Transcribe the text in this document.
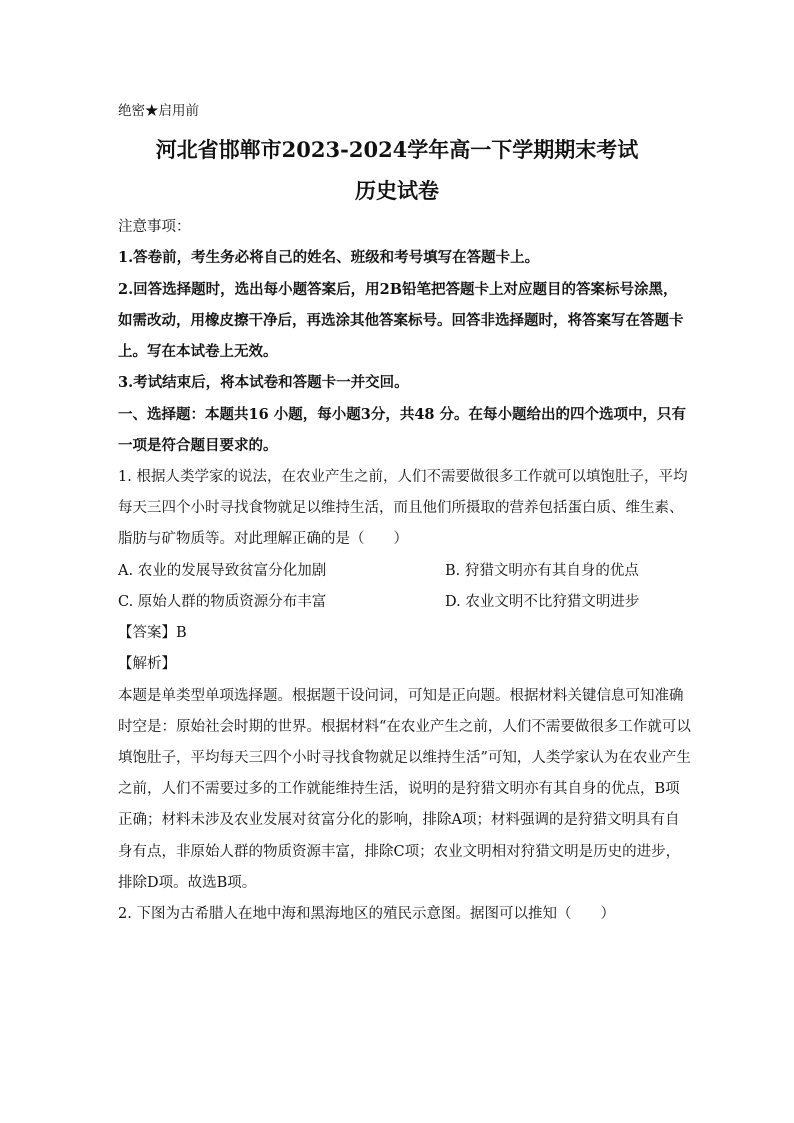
绝密★启用前
河北省邯郸市2023-2024学年高一下学期期末考试
历史试卷
注意事项：
1.答卷前，考生务必将自己的姓名、班级和考号填写在答题卡上。
2.回答选择题时，选出每小题答案后，用2B铅笔把答题卡上对应题目的答案标号涂黑，
如需改动，用橡皮擦干净后，再选涂其他答案标号。回答非选择题时，将答案写在答题卡
上。写在本试卷上无效。
3.考试结束后，将本试卷和答题卡一并交回。
一、选择题：本题共16 小题，每小题3分，共48 分。在每小题给出的四个选项中，只有
一项是符合题目要求的。
1. 根据人类学家的说法，在农业产生之前，人们不需要做很多工作就可以填饱肚子，平均
每天三四个小时寻找食物就足以维持生活，而且他们所摄取的营养包括蛋白质、维生素、
脂肪与矿物质等。对此理解正确的是（　　）
A. 农业的发展导致贫富分化加剧	B. 狩猎文明亦有其自身的优点
C. 原始人群的物质资源分布丰富	D. 农业文明不比狩猎文明进步
【答案】B
【解析】
本题是单类型单项选择题。根据题干设问词，可知是正向题。根据材料关键信息可知准确
时空是：原始社会时期的世界。根据材料“在农业产生之前，人们不需要做很多工作就可以
填饱肚子，平均每天三四个小时寻找食物就足以维持生活”可知，人类学家认为在农业产生
之前，人们不需要过多的工作就能维持生活，说明的是狩猎文明亦有其自身的优点，B项
正确；材料未涉及农业发展对贫富分化的影响，排除A项；材料强调的是狩猎文明具有自
身有点，非原始人群的物质资源丰富，排除C项；农业文明相对狩猎文明是历史的进步，
排除D项。故选B项。
2. 下图为古希腊人在地中海和黑海地区的殖民示意图。据图可以推知（　　）
